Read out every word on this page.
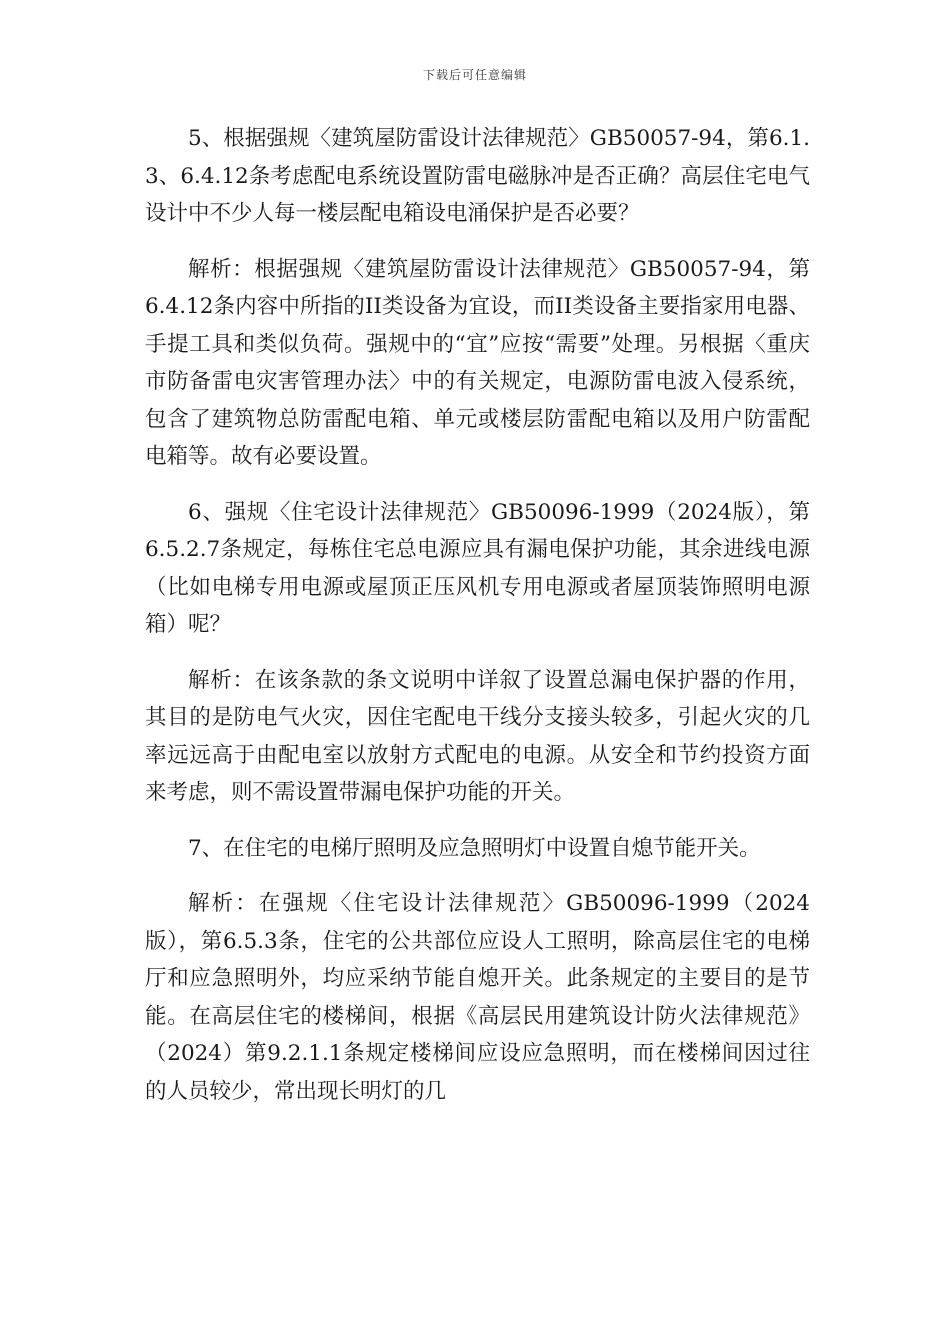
下载后可任意编辑

5、根据强规〈建筑屋防雷设计法律规范〉GB50057-94，第6.1.3、6.4.12条考虑配电系统设置防雷电磁脉冲是否正确？高层住宅电气设计中不少人每一楼层配电箱设电涌保护是否必要？

解析：根据强规〈建筑屋防雷设计法律规范〉GB50057-94，第6.4.12条内容中所指的II类设备为宜设，而II类设备主要指家用电器、手提工具和类似负荷。强规中的“宜”应按“需要”处理。另根据〈重庆市防备雷电灾害管理办法〉中的有关规定，电源防雷电波入侵系统，包含了建筑物总防雷配电箱、单元或楼层防雷配电箱以及用户防雷配电箱等。故有必要设置。

6、强规〈住宅设计法律规范〉GB50096-1999（2024版），第6.5.2.7条规定，每栋住宅总电源应具有漏电保护功能，其余进线电源（比如电梯专用电源或屋顶正压风机专用电源或者屋顶装饰照明电源箱）呢？

解析：在该条款的条文说明中详叙了设置总漏电保护器的作用，其目的是防电气火灾，因住宅配电干线分支接头较多，引起火灾的几率远远高于由配电室以放射方式配电的电源。从安全和节约投资方面来考虑，则不需设置带漏电保护功能的开关。

7、在住宅的电梯厅照明及应急照明灯中设置自熄节能开关。

解析：在强规〈住宅设计法律规范〉GB50096-1999（2024版），第6.5.3条，住宅的公共部位应设人工照明，除高层住宅的电梯厅和应急照明外，均应采纳节能自熄开关。此条规定的主要目的是节能。在高层住宅的楼梯间，根据《高层民用建筑设计防火法律规范》（2024）第9.2.1.1条规定楼梯间应设应急照明，而在楼梯间因过往的人员较少，常出现长明灯的几
